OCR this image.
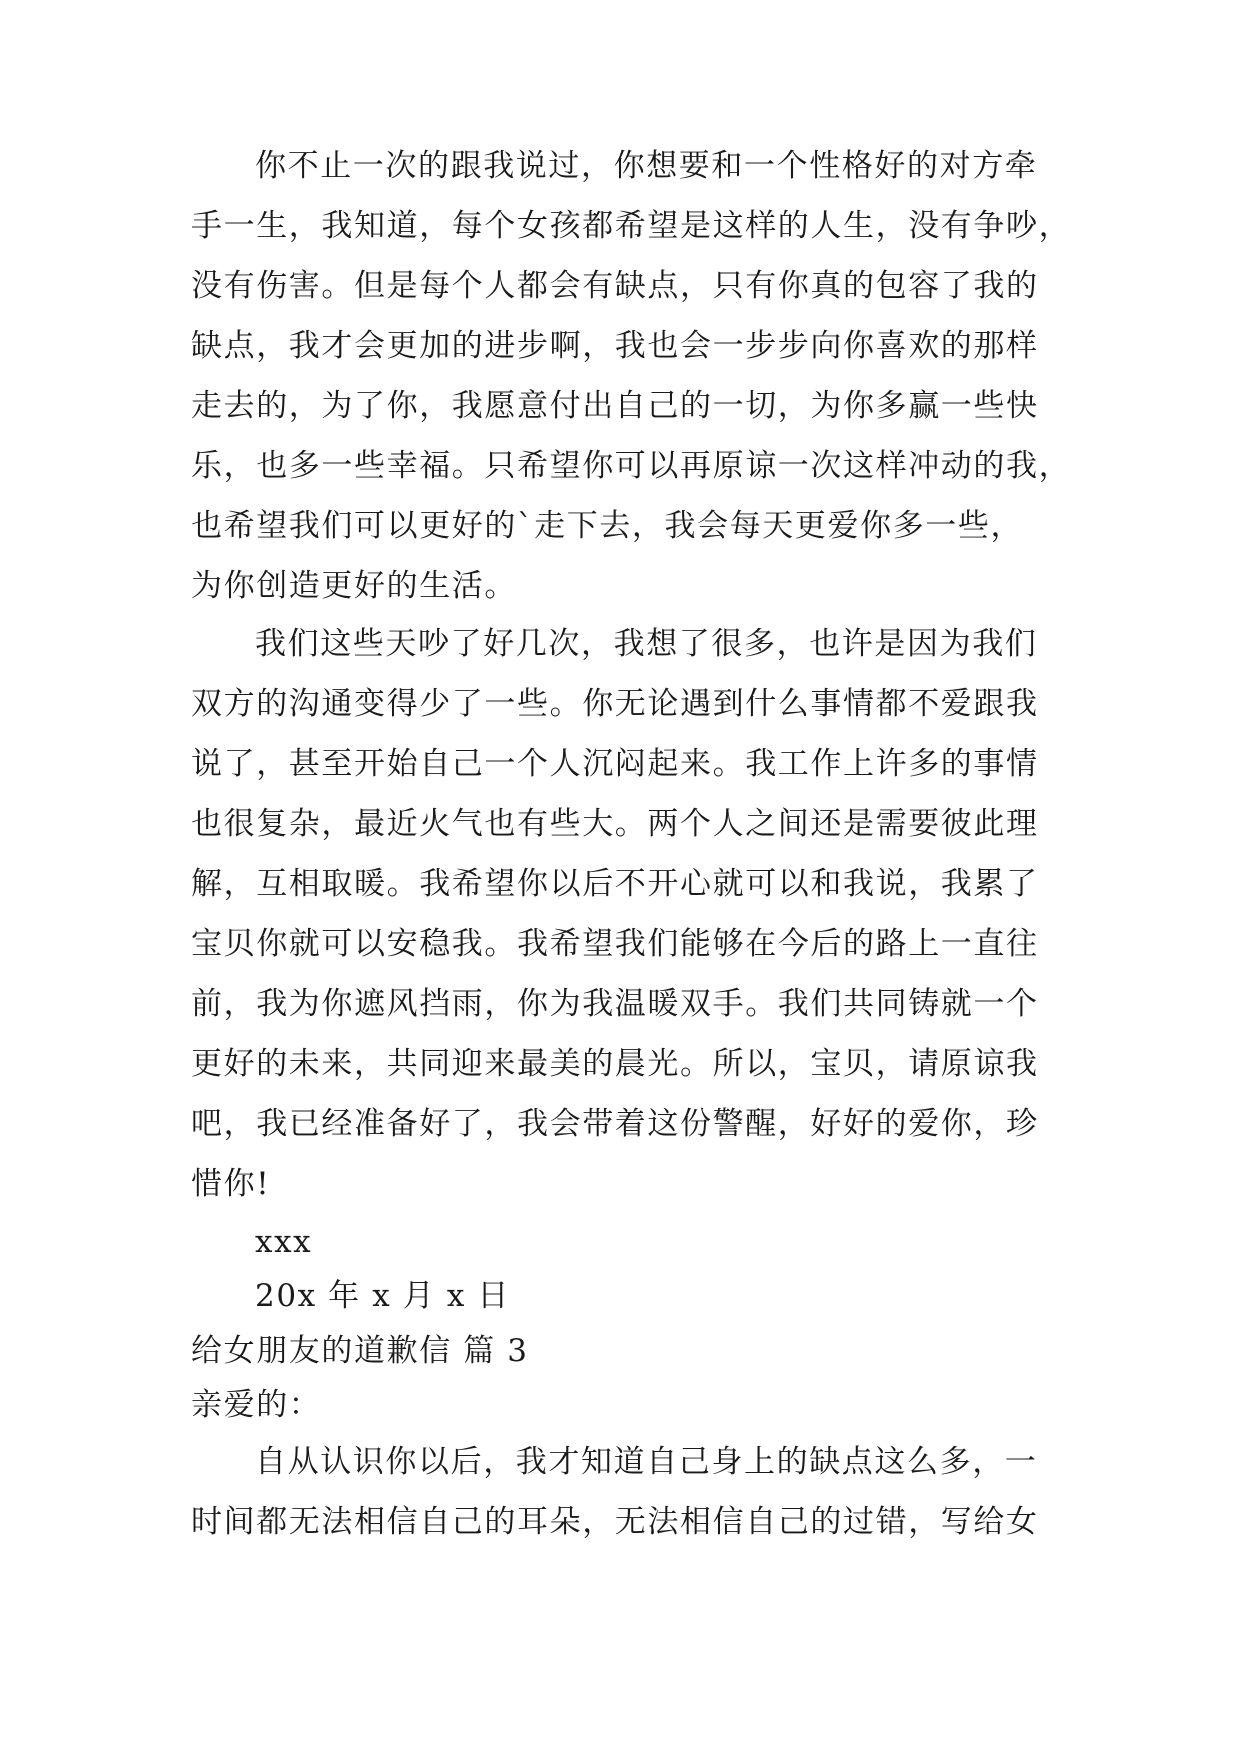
你不止一次的跟我说过，你想要和一个性格好的对方牵
手一生，我知道，每个女孩都希望是这样的人生，没有争吵，
没有伤害。但是每个人都会有缺点，只有你真的包容了我的
缺点，我才会更加的进步啊，我也会一步步向你喜欢的那样
走去的，为了你，我愿意付出自己的一切，为你多赢一些快
乐，也多一些幸福。只希望你可以再原谅一次这样冲动的我，
也希望我们可以更好的`走下去，我会每天更爱你多一些，
为你创造更好的生活。
我们这些天吵了好几次，我想了很多，也许是因为我们
双方的沟通变得少了一些。你无论遇到什么事情都不爱跟我
说了，甚至开始自己一个人沉闷起来。我工作上许多的事情
也很复杂，最近火气也有些大。两个人之间还是需要彼此理
解，互相取暖。我希望你以后不开心就可以和我说，我累了
宝贝你就可以安稳我。我希望我们能够在今后的路上一直往
前，我为你遮风挡雨，你为我温暖双手。我们共同铸就一个
更好的未来，共同迎来最美的晨光。所以，宝贝，请原谅我
吧，我已经准备好了，我会带着这份警醒，好好的爱你，珍
惜你!
xxx
20x 年 x 月 x 日
给女朋友的道歉信 篇 3
亲爱的：
自从认识你以后，我才知道自己身上的缺点这么多，一
时间都无法相信自己的耳朵，无法相信自己的过错，写给女
